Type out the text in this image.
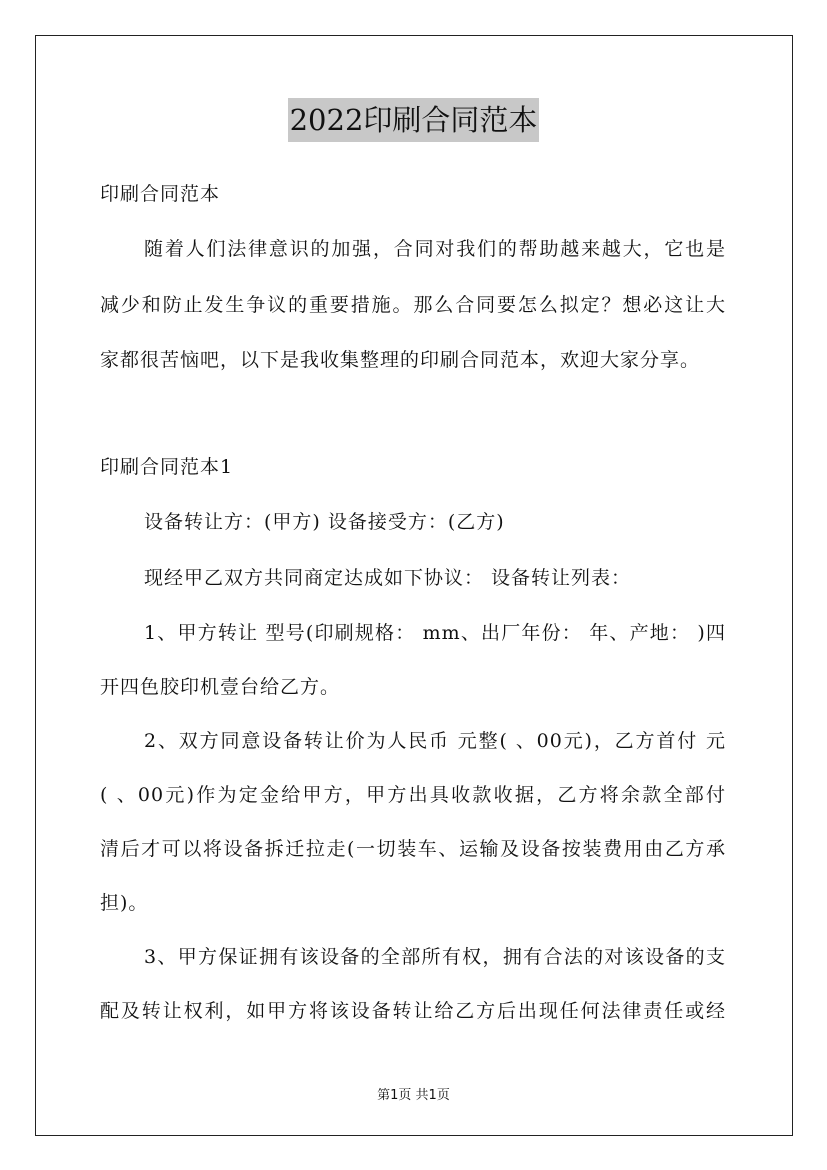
2022印刷合同范本
印刷合同范本
随着人们法律意识的加强，合同对我们的帮助越来越大，它也是
减少和防止发生争议的重要措施。那么合同要怎么拟定？想必这让大
家都很苦恼吧，以下是我收集整理的印刷合同范本，欢迎大家分享。
印刷合同范本1
设备转让方：(甲方) 设备接受方：(乙方)
现经甲乙双方共同商定达成如下协议： 设备转让列表：
1、甲方转让 型号(印刷规格： mm、出厂年份： 年、产地： )四
开四色胶印机壹台给乙方。
2、双方同意设备转让价为人民币 元整( 、00元)，乙方首付 元
( 、00元)作为定金给甲方，甲方出具收款收据，乙方将余款全部付
清后才可以将设备拆迁拉走(一切装车、运输及设备按装费用由乙方承
担)。
3、甲方保证拥有该设备的全部所有权，拥有合法的对该设备的支
配及转让权利，如甲方将该设备转让给乙方后出现任何法律责任或经
第1页 共1页
